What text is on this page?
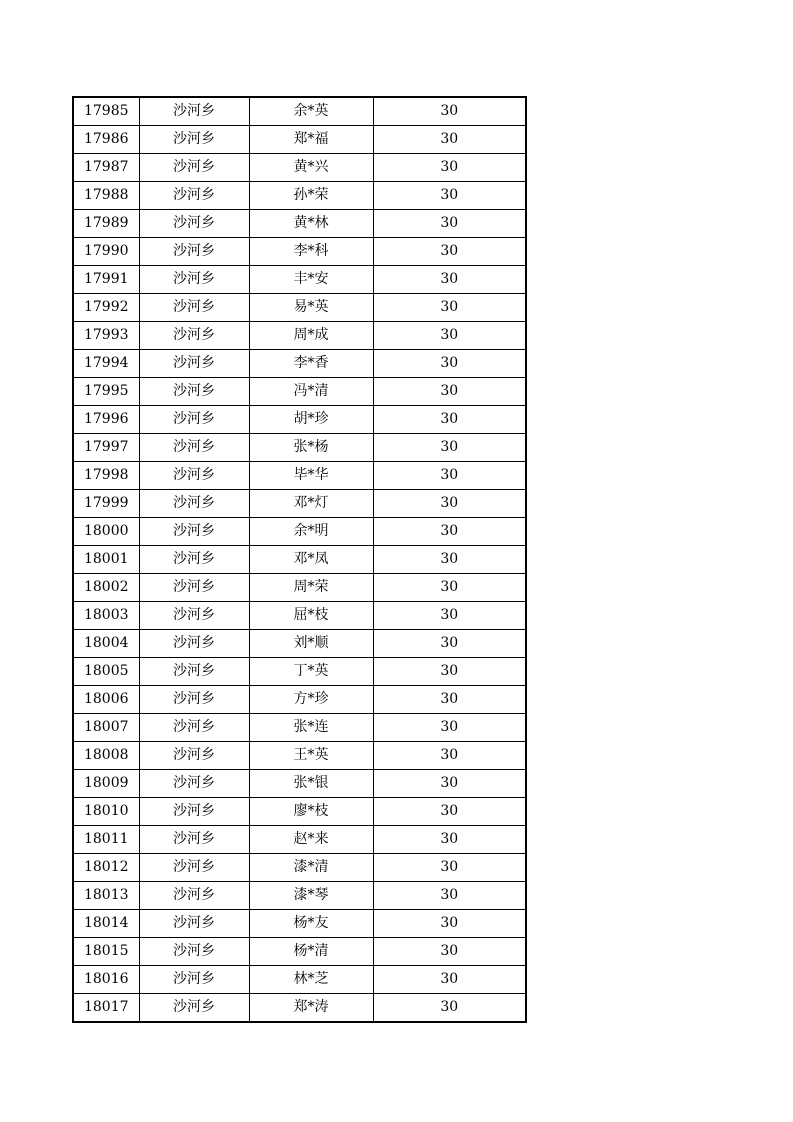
17985	沙河乡	余*英	30
17986	沙河乡	郑*福	30
17987	沙河乡	黄*兴	30
17988	沙河乡	孙*荣	30
17989	沙河乡	黄*林	30
17990	沙河乡	李*科	30
17991	沙河乡	丰*安	30
17992	沙河乡	易*英	30
17993	沙河乡	周*成	30
17994	沙河乡	李*香	30
17995	沙河乡	冯*清	30
17996	沙河乡	胡*珍	30
17997	沙河乡	张*杨	30
17998	沙河乡	毕*华	30
17999	沙河乡	邓*灯	30
18000	沙河乡	余*明	30
18001	沙河乡	邓*凤	30
18002	沙河乡	周*荣	30
18003	沙河乡	屈*枝	30
18004	沙河乡	刘*顺	30
18005	沙河乡	丁*英	30
18006	沙河乡	方*珍	30
18007	沙河乡	张*连	30
18008	沙河乡	王*英	30
18009	沙河乡	张*银	30
18010	沙河乡	廖*枝	30
18011	沙河乡	赵*来	30
18012	沙河乡	漆*清	30
18013	沙河乡	漆*琴	30
18014	沙河乡	杨*友	30
18015	沙河乡	杨*清	30
18016	沙河乡	林*芝	30
18017	沙河乡	郑*涛	30
